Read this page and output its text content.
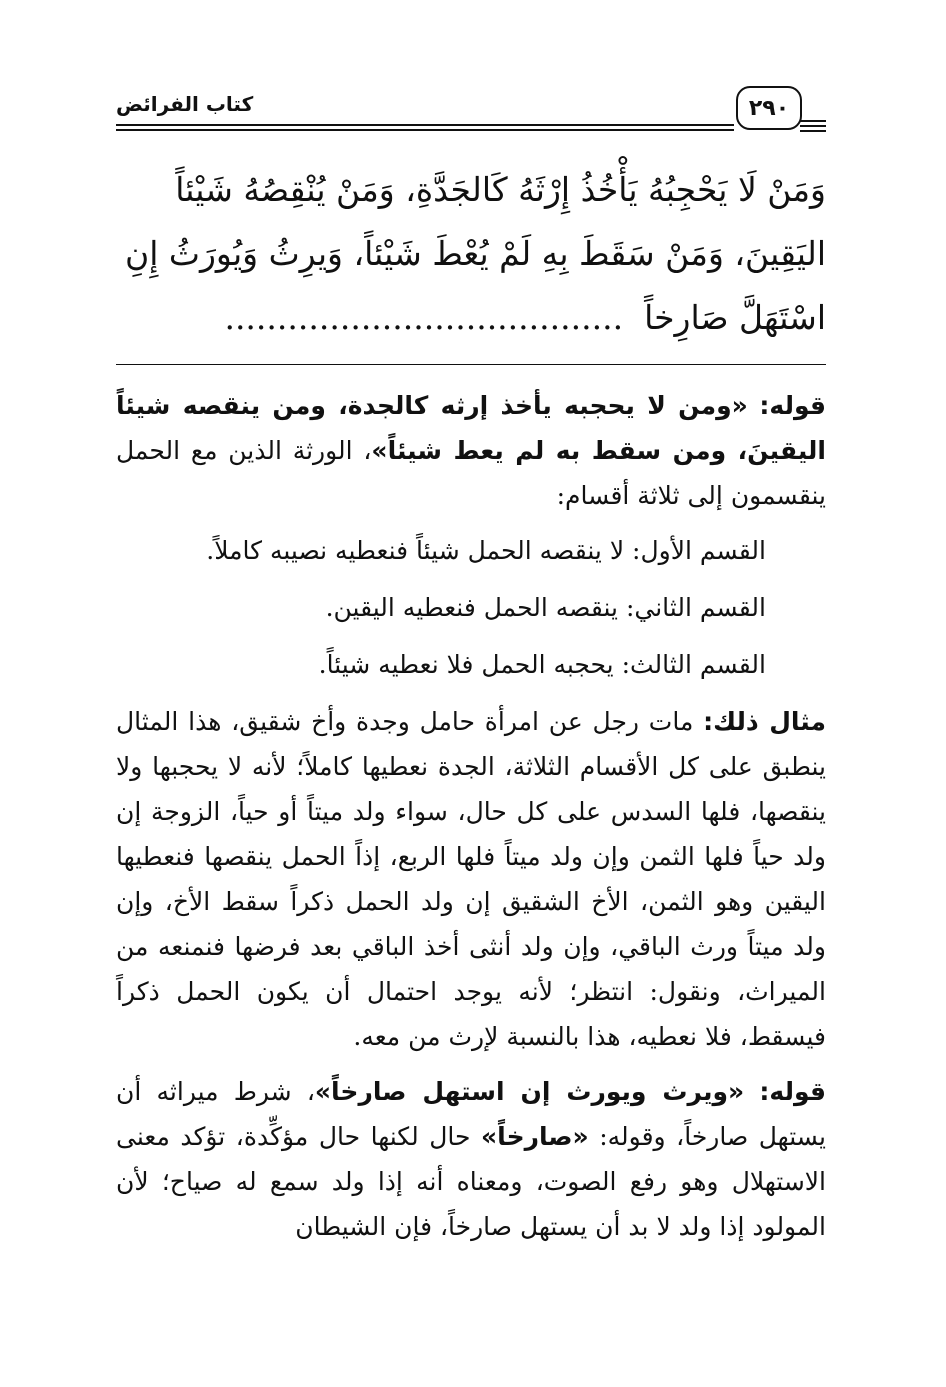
٢٩٠
كتاب الفرائض
وَمَنْ لَا يَحْجِبُهُ يَأْخُذُ إِرْثَهُ كَالجَدَّةِ، وَمَنْ يُنْقِصُهُ شَيْئاً
اليَقِينَ، وَمَنْ سَقَطَ بِهِ لَمْ يُعْطَ شَيْئاً، وَيرِثُ وَيُورَثُ إِنِ
اسْتَهَلَّ صَارِخاً  ......................................

قوله: «ومن لا يحجبه يأخذ إرثه كالجدة، ومن ينقصه شيئاً اليقينَ، ومن سقط به لم يعط شيئاً»، الورثة الذين مع الحمل ينقسمون إلى ثلاثة أقسام:

القسم الأول: لا ينقصه الحمل شيئاً فنعطيه نصيبه كاملاً.
القسم الثاني: ينقصه الحمل فنعطيه اليقين.
القسم الثالث: يحجبه الحمل فلا نعطيه شيئاً.

مثال ذلك: مات رجل عن امرأة حامل وجدة وأخ شقيق، هذا المثال ينطبق على كل الأقسام الثلاثة، الجدة نعطيها كاملاً؛ لأنه لا يحجبها ولا ينقصها، فلها السدس على كل حال، سواء ولد ميتاً أو حياً، الزوجة إن ولد حياً فلها الثمن وإن ولد ميتاً فلها الربع، إذاً الحمل ينقصها فنعطيها اليقين وهو الثمن، الأخ الشقيق إن ولد الحمل ذكراً سقط الأخ، وإن ولد ميتاً ورث الباقي، وإن ولد أنثى أخذ الباقي بعد فرضها فنمنعه من الميراث، ونقول: انتظر؛ لأنه يوجد احتمال أن يكون الحمل ذكراً فيسقط، فلا نعطيه، هذا بالنسبة لإرث من معه.

قوله: «ويرث ويورث إن استهل صارخاً»، شرط ميراثه أن يستهل صارخاً، وقوله: «صارخاً» حال لكنها حال مؤكِّدة، تؤكد معنى الاستهلال وهو رفع الصوت، ومعناه أنه إذا ولد سمع له صياح؛ لأن المولود إذا ولد لا بد أن يستهل صارخاً، فإن الشيطان
